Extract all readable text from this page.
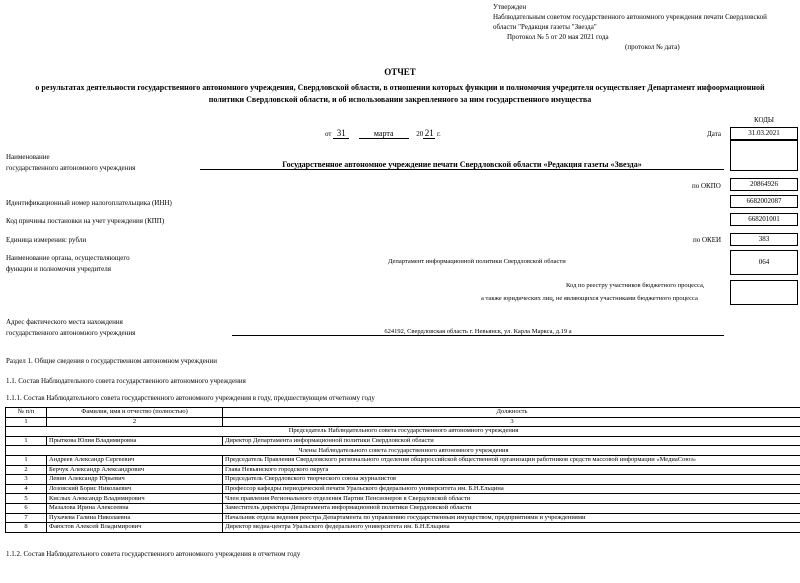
Утвержден
Наблюдательным советом государственного автономного учреждения печати Свердловской
области "Редакция газеты "Звезда"
Протокол № 5 от 20 мая 2021 года
(протокол № дата)
ОТЧЕТ
о результатах деятельности государственного автономного учреждения, Свердловской области, в отношении которых функции и полномочия учредителя осуществляет Департамент инфоормационной политики Свердловской области, и об использовании закрепленного за ним государственного имущества
КОДЫ
от 31	марта	20 21 г.	Дата	31.03.2021
Наименование
государственного автономного учреждения	Государственное автономное учреждение печати Свердловской области «Редакция газеты «Звезда»
по ОКПО	20864926
Идентификационный номер налогоплательщика (ИНН)	6682002087
Код причины постановки на учет учреждения (КПП)	668201001
Единица измерения: рубли	по ОКЕИ	383
Наименование органа, осуществляющего
функции и полномочия учредителя
Департамент информационной политики Свердловской области	064
Код по реестру участников бюджетного процесса,
а также юридических лиц, не являющихся участниками бюджетного процесса
Адрес фактического места нахождения
государственного автономного учреждения	624192, Свердловская область г. Невьянск, ул. Карла Маркса, д.19 а
Раздел 1. Общие сведения о государственном автономном учреждении
1.1. Состав Наблюдательного совета государственного автономного учреждения
1.1.1. Состав Наблюдательного совета государственного автономного учреждения в году, предшествующем отчетному году
№ п/п	Фамилия, имя и отчество (полностью)	Должность
1	2	3
Председатель Наблюдательного совета государственного автономного учреждения		
1	Прыткова Юлия Владимировна	Директор Департамента информационной политики Свердловской области
Члены Наблюдательного совета государственного автономного учреждения		
1	Андреев Александр Сергеевич	Председатель Правления Свердловского регионального отделения общероссийской общественной организации работников средств массовой информации «МедиаСоюз»
2	Берчук Александр Александрович	Глава Невьянского городского округа
3	Левин Александр Юрьевич	Председатель Свердловского творческого союза журналистов
4	Лозовский Борис Николаевич	Профессор кафедры периодической печати Уральского федерального университета им. Б.Н.Ельцина
5	Кислых Александр Владимирович	Член правления Регионального отделения Партии Пенсионеров в Свердловской области
6	Мазалова Ирина Алексеевна	Заместитель директора Департамента информационной политики Свердловской области
7	Пухачева Галина Николаевна	Начальник отдела ведения реестра Департамента по управлению государственным имуществом, предприятиями и учреждениями
8	Фаюстов Алексей Владимирович	Директор медиа-центра Уральского федерального университета им. Б.Н.Ельцина
1.1.2. Состав Наблюдательного совета государственного автономного учреждения в отчетном году
